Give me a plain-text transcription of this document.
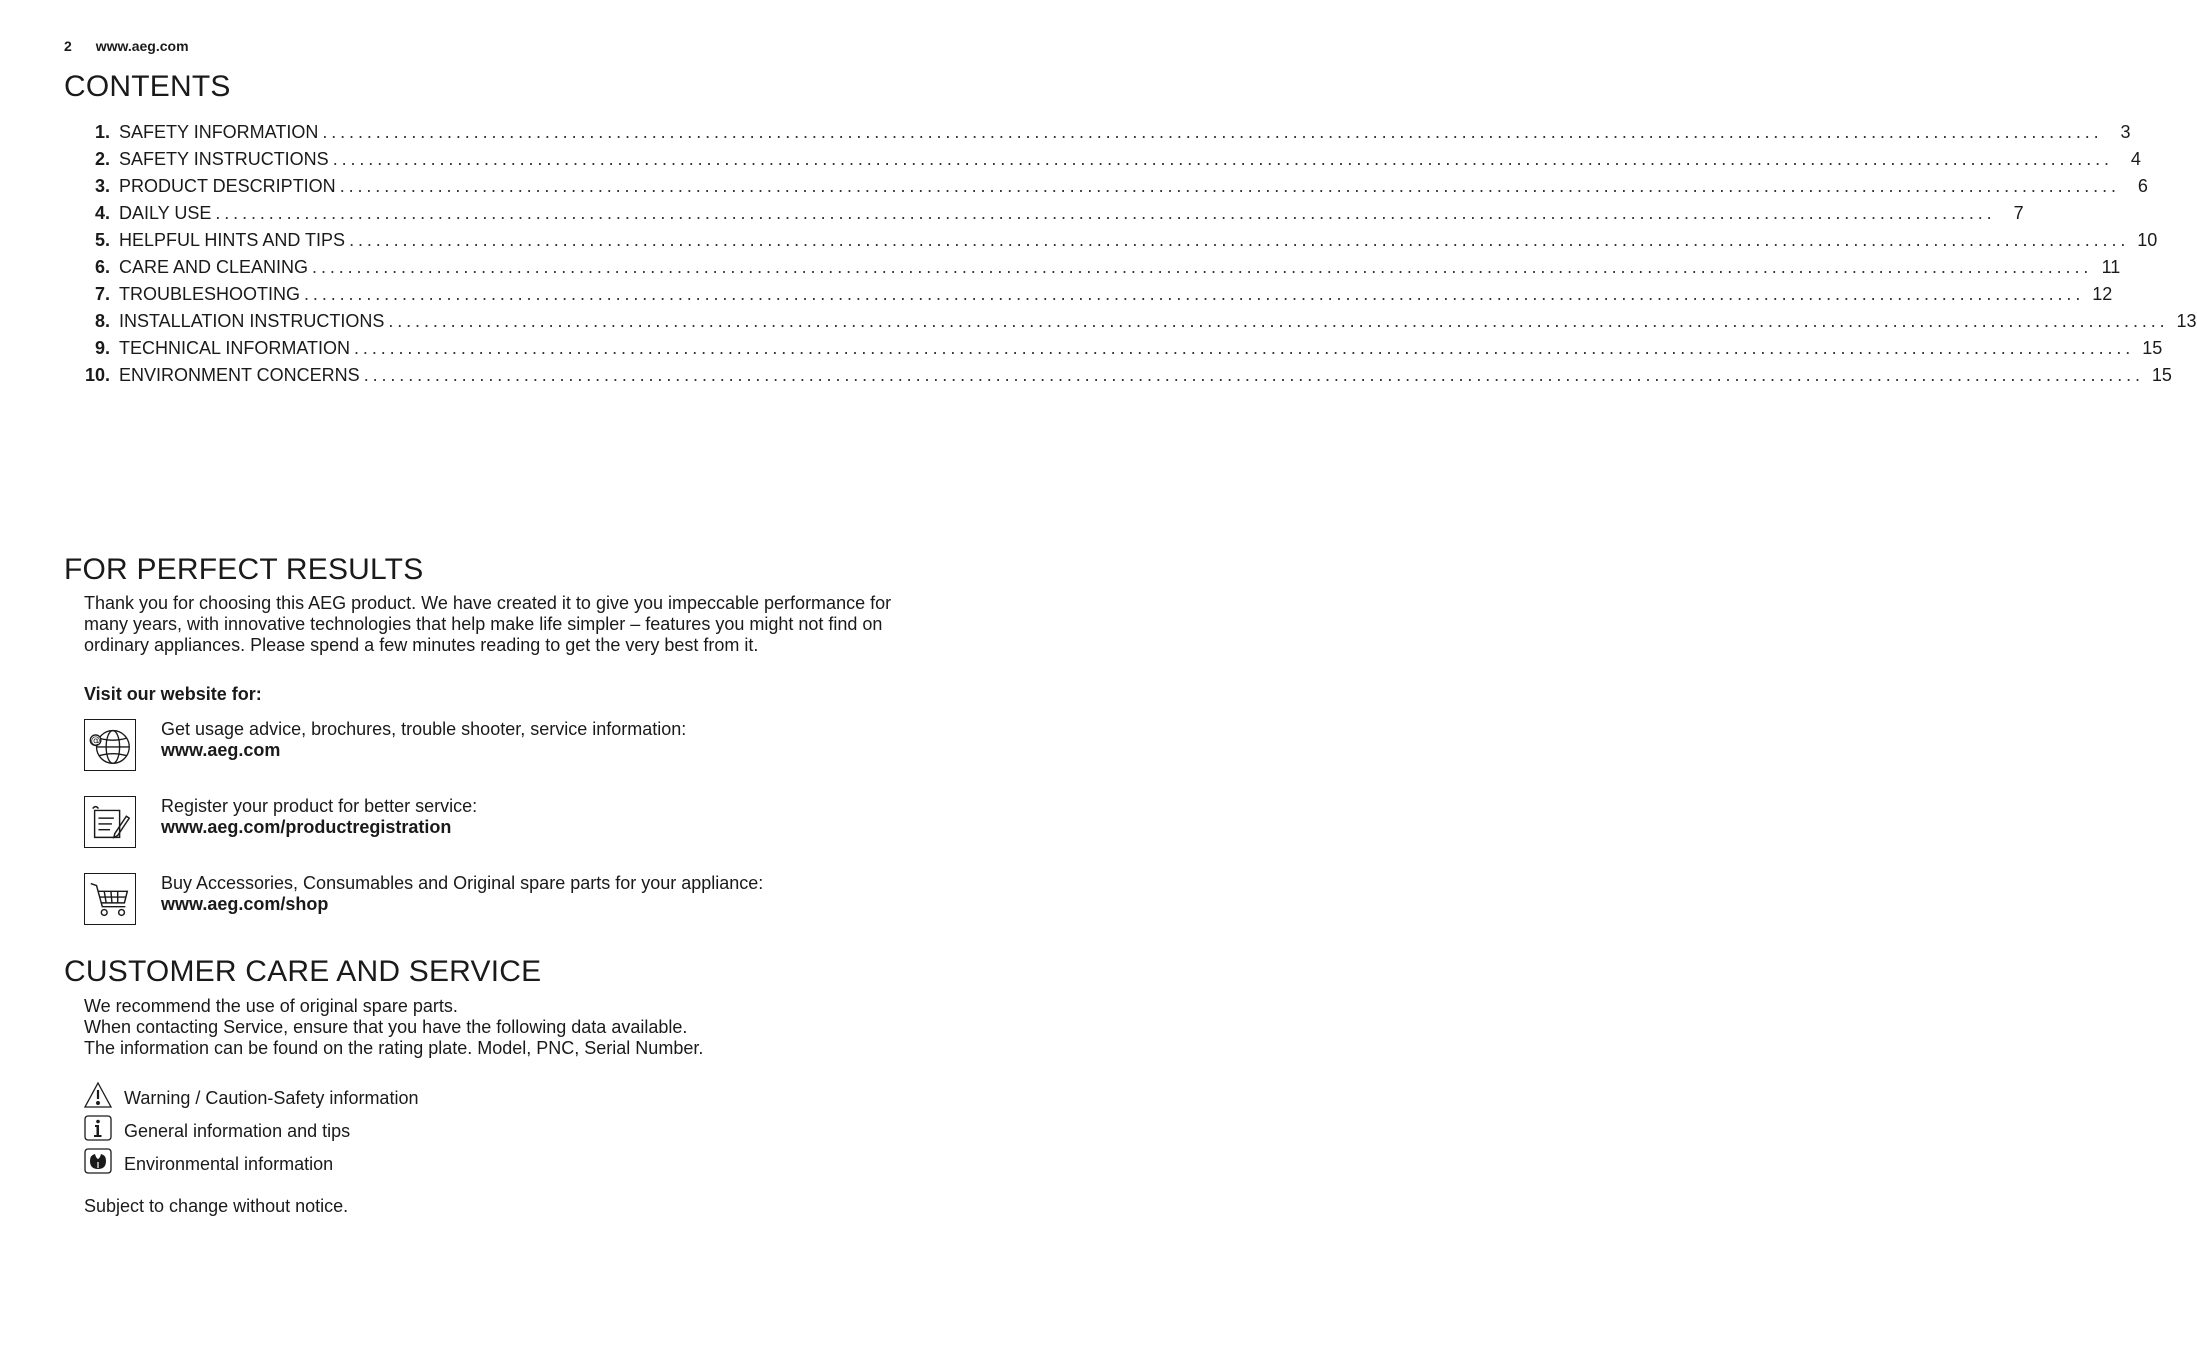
2 www.aeg.com
CONTENTS
1. SAFETY INFORMATION ........................................................................................................................................................................................................ 3
2. SAFETY INSTRUCTIONS ........................................................................................................................................................................................................ 4
3. PRODUCT DESCRIPTION ........................................................................................................................................................................................................ 6
4. DAILY USE ........................................................................................................................................................................................................ 7
5. HELPFUL HINTS AND TIPS ........................................................................................................................................................................................................ 10
6. CARE AND CLEANING ........................................................................................................................................................................................................ 11
7. TROUBLESHOOTING ........................................................................................................................................................................................................ 12
8. INSTALLATION INSTRUCTIONS ........................................................................................................................................................................................................ 13
9. TECHNICAL INFORMATION ........................................................................................................................................................................................................ 15
10. ENVIRONMENT CONCERNS ........................................................................................................................................................................................................ 15
FOR PERFECT RESULTS
Thank you for choosing this AEG product. We have created it to give you impeccable performance for many years, with innovative technologies that help make life simpler – features you might not find on ordinary appliances. Please spend a few minutes reading to get the very best from it.
Visit our website for:
@
Get usage advice, brochures, trouble shooter, service information:
www.aeg.com
Register your product for better service:
www.aeg.com/productregistration
Buy Accessories, Consumables and Original spare parts for your appliance:
www.aeg.com/shop
CUSTOMER CARE AND SERVICE
We recommend the use of original spare parts.
When contacting Service, ensure that you have the following data available.
The information can be found on the rating plate. Model, PNC, Serial Number.
Warning / Caution-Safety information
General information and tips
Environmental information
Subject to change without notice.
